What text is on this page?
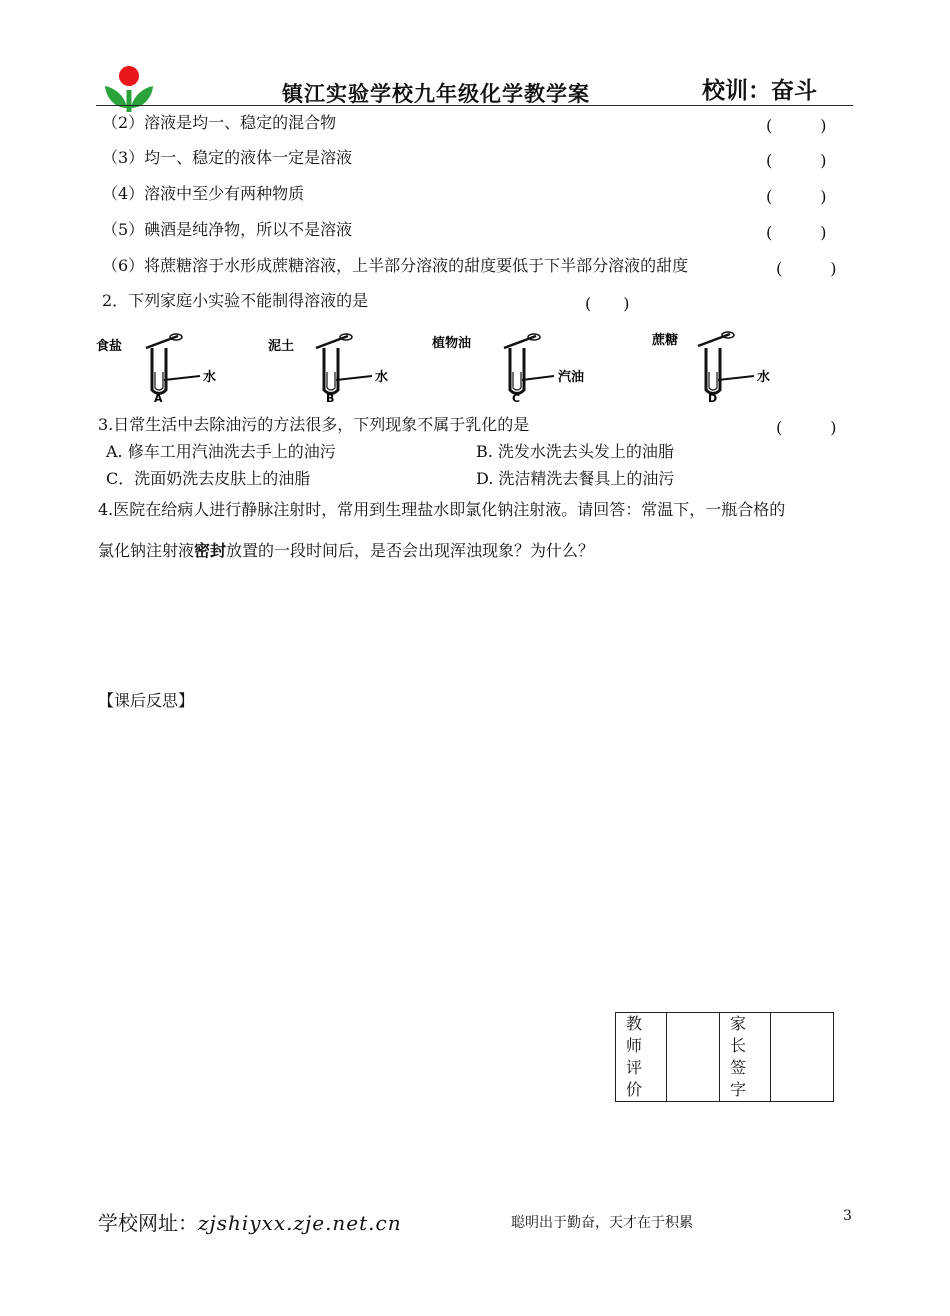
镇江实验学校九年级化学教学案	校训：奋斗
（2）溶液是均一、稳定的混合物	(　　　)
（3）均一、稳定的液体一定是溶液	(　　　)
（4）溶液中至少有两种物质	(　　　)
（5）碘酒是纯净物，所以不是溶液	(　　　)
（6）将蔗糖溶于水形成蔗糖溶液，上半部分溶液的甜度要低于下半部分溶液的甜度	(　　　)
2．下列家庭小实验不能制得溶液的是	(　　)
食盐
水
A
泥土
水
B
植物油
汽油
C
蔗糖
水
D
3.日常生活中去除油污的方法很多，下列现象不属于乳化的是	(　　　)
A. 修车工用汽油洗去手上的油污	B. 洗发水洗去头发上的油脂
C．洗面奶洗去皮肤上的油脂	D. 洗洁精洗去餐具上的油污
4.医院在给病人进行静脉注射时，常用到生理盐水即氯化钠注射液。请回答：常温下，一瓶合格的
氯化钠注射液密封放置的一段时间后，是否会出现浑浊现象？为什么？
【课后反思】
教师评价		家长签字	
学校网址：zjshiyxx.zje.net.cn	聪明出于勤奋，天才在于积累	3
